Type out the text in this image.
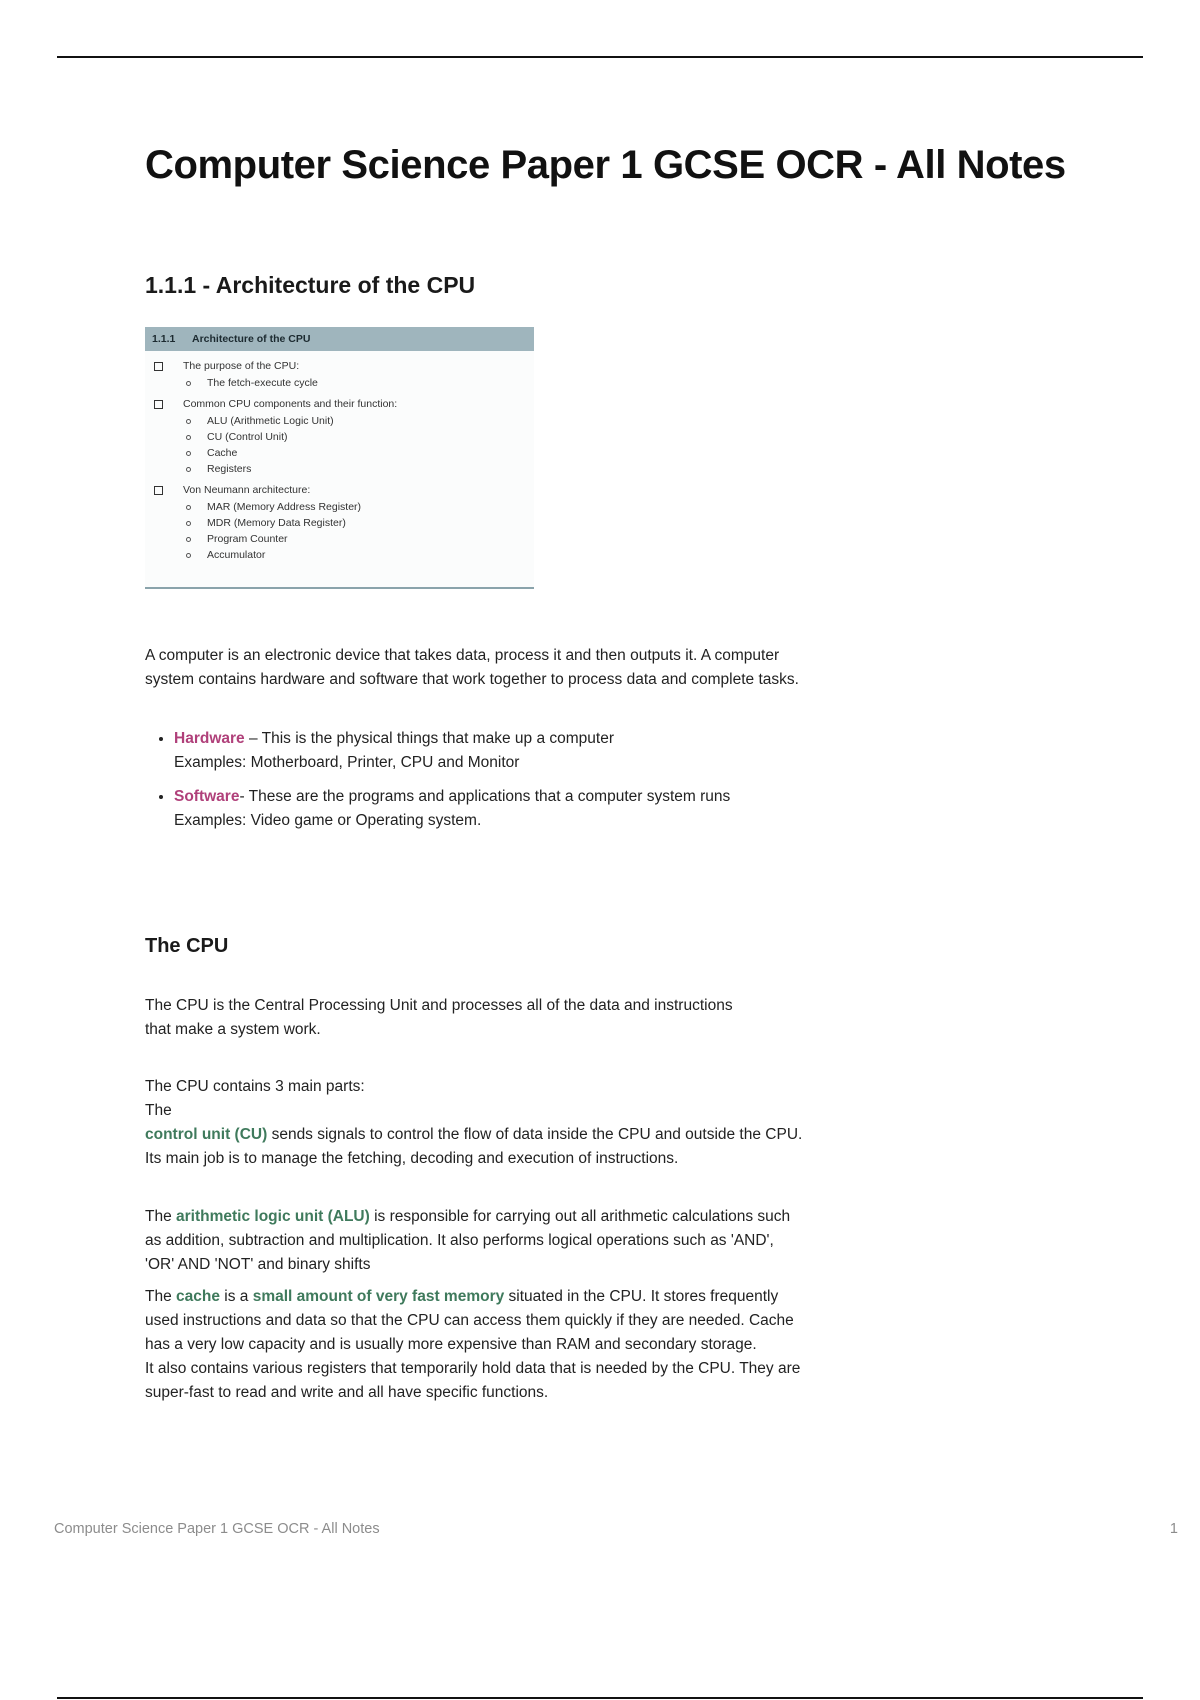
Computer Science Paper 1 GCSE OCR - All Notes
1.1.1 - Architecture of the CPU
1.1.1	Architecture of the CPU
The purpose of the CPU:
The fetch-execute cycle
Common CPU components and their function:
ALU (Arithmetic Logic Unit)
CU (Control Unit)
Cache
Registers
Von Neumann architecture:
MAR (Memory Address Register)
MDR (Memory Data Register)
Program Counter
Accumulator

A computer is an electronic device that takes data, process it and then outputs it. A computer system contains hardware and software that work together to process data and complete tasks.

• Hardware – This is the physical things that make up a computer
Examples: Motherboard, Printer, CPU and Monitor
• Software- These are the programs and applications that a computer system runs
Examples: Video game or Operating system.
The CPU

The CPU is the Central Processing Unit and processes all of the data and instructions that make a system work.

The CPU contains 3 main parts:
The
control unit (CU) sends signals to control the flow of data inside the CPU and outside the CPU. Its main job is to manage the fetching, decoding and execution of instructions.

The arithmetic logic unit (ALU) is responsible for carrying out all arithmetic calculations such as addition, subtraction and multiplication. It also performs logical operations such as 'AND', 'OR' AND 'NOT' and binary shifts

The cache is a small amount of very fast memory situated in the CPU. It stores frequently used instructions and data so that the CPU can access them quickly if they are needed. Cache has a very low capacity and is usually more expensive than RAM and secondary storage.
It also contains various registers that temporarily hold data that is needed by the CPU. They are super-fast to read and write and all have specific functions.

Computer Science Paper 1 GCSE OCR - All Notes	1
